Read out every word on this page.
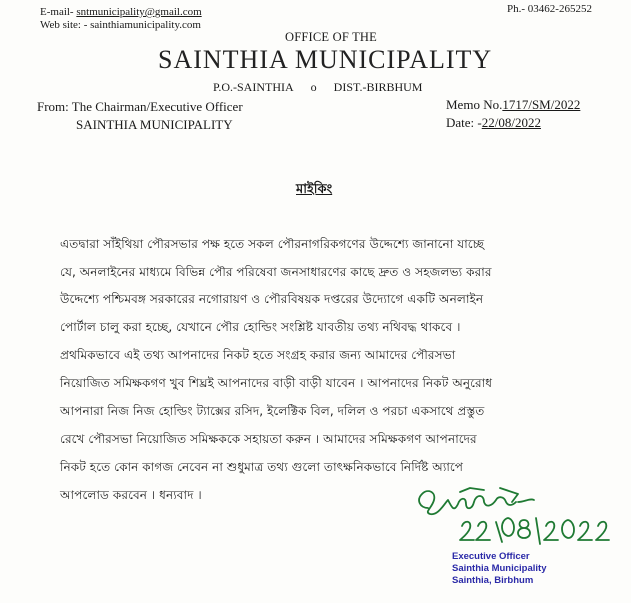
E-mail- sntmunicipality@gmail.com
Web site: - sainthiamunicipality.com
Ph.- 03462-265252
OFFICE OF THE
SAINTHIA MUNICIPALITY
P.O.-SAINTHIA o DIST.-BIRBHUM
From: The Chairman/Executive Officer
SAINTHIA MUNICIPALITY
Memo No.1717/SM/2022
Date: -22/08/2022
মাইকিং
এতদ্বারা সাঁইথিয়া পৌরসভার পক্ষ হতে সকল পৌরনাগরিকগণের উদ্দেশ্যে জানানো যাচ্ছে
যে, অনলাইনের মাধ্যমে বিভিন্ন পৌর পরিষেবা জনসাধারণের কাছে দ্রুত ও সহজলভ্য করার
উদ্দেশ্যে পশ্চিমবঙ্গ সরকারের নগোরায়ণ ও পৌরবিষয়ক দপ্তরের উদ্যোগে একটি অনলাইন
পোর্টাল চালু করা হচ্ছে, যেখানে পৌর হোল্ডিং সংশ্লিষ্ট যাবতীয় তথ্য নথিবদ্ধ থাকবে ।
প্রথমিকভাবে এই তথ্য আপনাদের নিকট হতে সংগ্রহ করার জন্য আমাদের পৌরসভা
নিয়োজিত সমিক্ষকগণ খুব শিঘ্রই আপনাদের বাড়ী বাড়ী যাবেন । আপনাদের নিকট অনুরোধ
আপনারা নিজ নিজ হোল্ডিং ট্যাক্সের রসিদ, ইলেক্টিক বিল, দলিল ও পরচা একসাথে প্রস্তুত
রেখে পৌরসভা নিয়োজিত সমিক্ষককে সহায়তা করুন । আমাদের সমিক্ষকগণ আপনাদের
নিকট হতে কোন কাগজ নেবেন না শুধুমাত্র তথ্য গুলো তাৎক্ষনিকভাবে নির্দিষ্ট অ্যাপে
আপলোড করবেন । ধন্যবাদ ।
Executive Officer
Sainthia Municipality
Sainthia, Birbhum
